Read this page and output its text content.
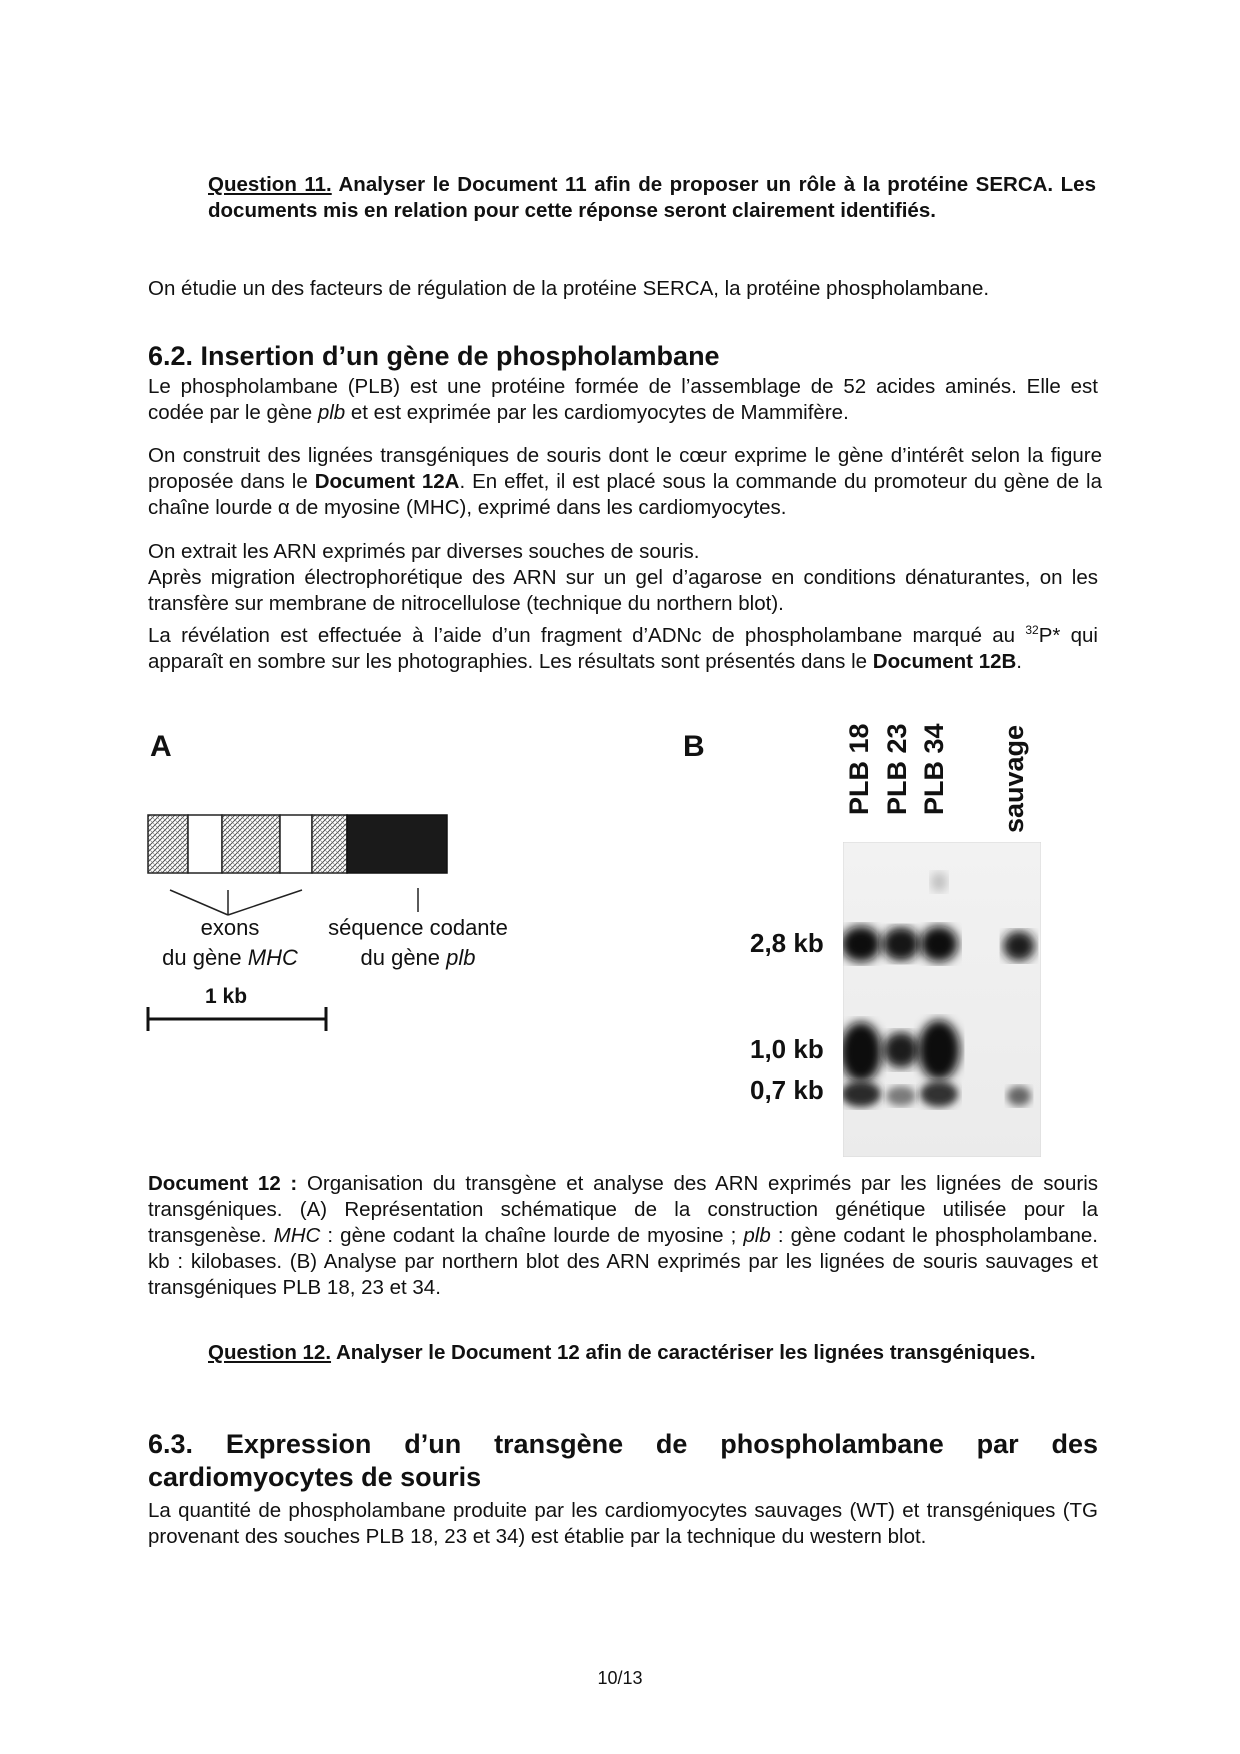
Question 11. Analyser le Document 11 afin de proposer un rôle à la protéine SERCA. Les documents mis en relation pour cette réponse seront clairement identifiés.

On étudie un des facteurs de régulation de la protéine SERCA, la protéine phospholambane.

6.2. Insertion d’un gène de phospholambane

Le phospholambane (PLB) est une protéine formée de l’assemblage de 52 acides aminés. Elle est codée par le gène plb et est exprimée par les cardiomyocytes de Mammifère.

On construit des lignées transgéniques de souris dont le cœur exprime le gène d’intérêt selon la figure proposée dans le Document 12A. En effet, il est placé sous la commande du promoteur du gène de la chaîne lourde α de myosine (MHC), exprimé dans les cardiomyocytes.

On extrait les ARN exprimés par diverses souches de souris.

Après migration électrophorétique des ARN sur un gel d’agarose en conditions dénaturantes, on les transfère sur membrane de nitrocellulose (technique du northern blot).

La révélation est effectuée à l’aide d’un fragment d’ADNc de phospholambane marqué au $^{32}$P* qui apparaît en sombre sur les photographies. Les résultats sont présentés dans le Document 12B.

A
exons
du gène MHC
séquence codante
du gène plb
1 kb
B	PLB 18 PLB 23 PLB 34 sauvage
2,8 kb
1,0 kb
0,7 kb

Document 12 : Organisation du transgène et analyse des ARN exprimés par les lignées de souris transgéniques. (A) Représentation schématique de la construction génétique utilisée pour la transgenèse. MHC : gène codant la chaîne lourde de myosine ; plb : gène codant le phospholambane. kb : kilobases. (B) Analyse par northern blot des ARN exprimés par les lignées de souris sauvages et transgéniques PLB 18, 23 et 34.

Question 12. Analyser le Document 12 afin de caractériser les lignées transgéniques.
6.3. Expression d’un transgène de phospholambane par des cardiomyocytes de souris

La quantité de phospholambane produite par les cardiomyocytes sauvages (WT) et transgéniques (TG provenant des souches PLB 18, 23 et 34) est établie par la technique du western blot.

10/13
